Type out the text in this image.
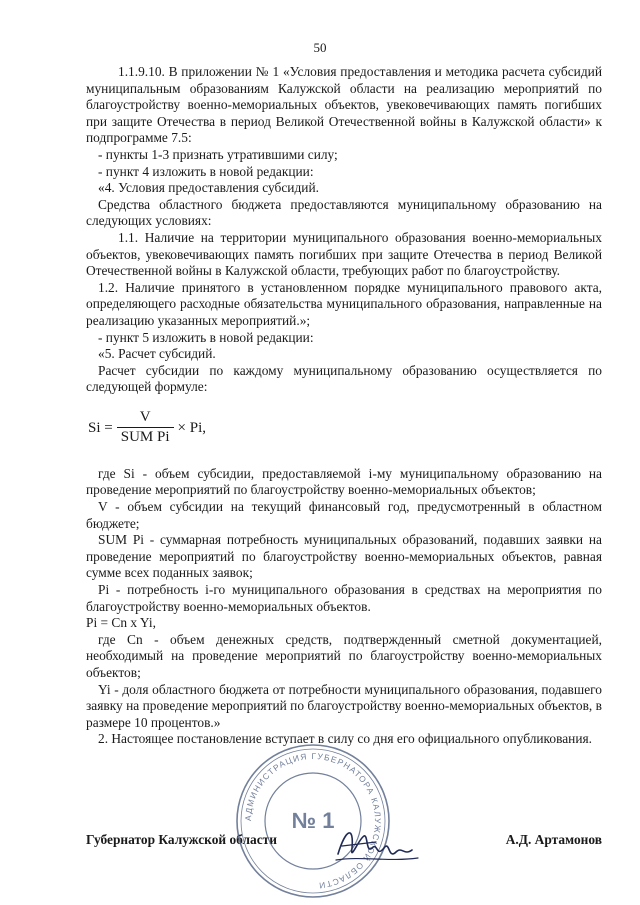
50

1.1.9.10. В приложении № 1 «Условия предоставления и методика расчета субсидий муниципальным образованиям Калужской области на реализацию мероприятий по благоустройству военно-мемориальных объектов, увековечивающих память погибших при защите Отечества в период Великой Отечественной войны в Калужской области» к подпрограмме 7.5:

- пункты 1-3 признать утратившими силу;

- пункт 4 изложить в новой редакции:

«4. Условия предоставления субсидий.

Средства областного бюджета предоставляются муниципальному образованию на следующих условиях:

1.1. Наличие на территории муниципального образования военно-мемориальных объектов, увековечивающих память погибших при защите Отечества в период Великой Отечественной войны в Калужской области, требующих работ по благоустройству.

1.2. Наличие принятого в установленном порядке муниципального правового акта, определяющего расходные обязательства муниципального образования, направленные на реализацию указанных мероприятий.»;

- пункт 5 изложить в новой редакции:

«5. Расчет субсидий.

Расчет субсидии по каждому муниципальному образованию осуществляется по следующей формуле:

$Si = \frac{V}{\text{SUM Pi}} \times Pi$,

где Si - объем субсидии, предоставляемой i-му муниципальному образованию на проведение мероприятий по благоустройству военно-мемориальных объектов;

V - объем субсидии на текущий финансовый год, предусмотренный в областном бюджете;

SUM Pi - суммарная потребность муниципальных образований, подавших заявки на проведение мероприятий по благоустройству военно-мемориальных объектов, равная сумме всех поданных заявок;

Pi - потребность i-го муниципального образования в средствах на мероприятия по благоустройству военно-мемориальных объектов.

Pi = Cn x Yi,

где Cn - объем денежных средств, подтвержденный сметной документацией, необходимый на проведение мероприятий по благоустройству военно-мемориальных объектов;

Yi - доля областного бюджета от потребности муниципального образования, подавшего заявку на проведение мероприятий по благоустройству военно-мемориальных объектов, в размере 10 процентов.»

2. Настоящее постановление вступает в силу со дня его официального опубликования.

Губернатор Калужской области	А.Д. Артамонов
АДМИНИСТРАЦИЯ ГУБЕРНАТОРА КАЛУЖСКОЙ ОБЛАСТИ
№ 1
